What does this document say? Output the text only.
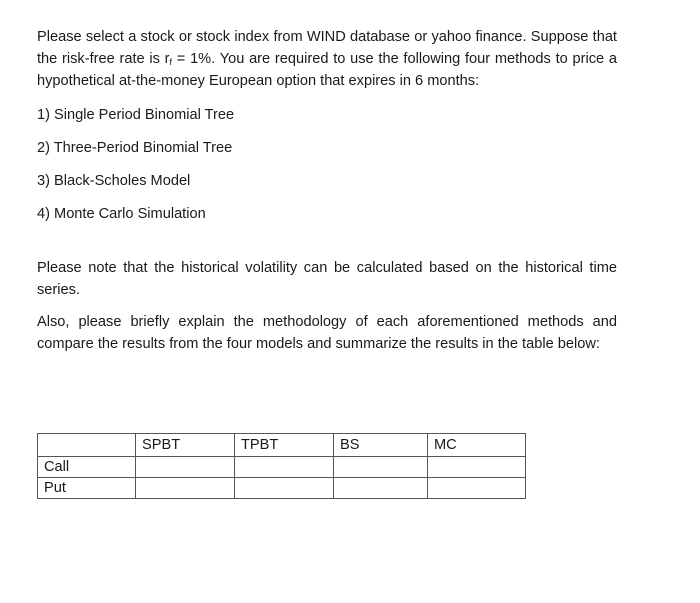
Please select a stock or stock index from WIND database or yahoo finance. Suppose that the risk-free rate is $r_f = 1\%$. You are required to use the following four methods to price a hypothetical at-the-money European option that expires in 6 months:

1) Single Period Binomial Tree

2) Three-Period Binomial Tree

3) Black-Scholes Model

4) Monte Carlo Simulation

Please note that the historical volatility can be calculated based on the historical time series.

Also, please briefly explain the methodology of each aforementioned methods and compare the results from the four models and summarize the results in the table below:

	SPBT	TPBT	BS	MC
Call				
Put				
